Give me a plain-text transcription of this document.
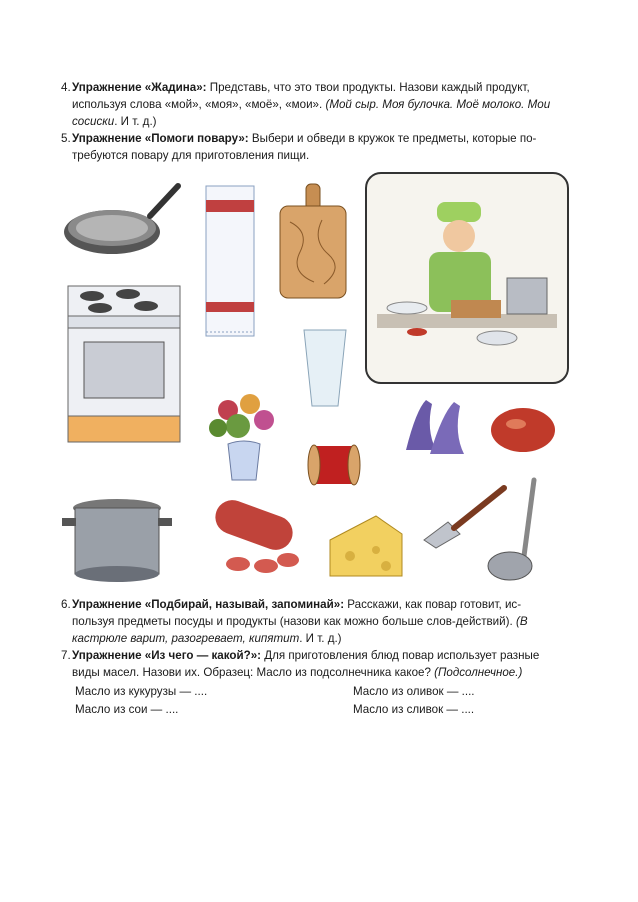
4. Упражнение «Жадина»: Представь, что это твои продукты. Назови каждый продукт, используя слова «мой», «моя», «моё», «мои». (Мой сыр. Моя булочка. Моё молоко. Мои сосиски. И т. д.)
5. Упражнение «Помоги повару»: Выбери и обведи в кружок те предметы, которые по-требуются повару для приготовления пищи.
6. Упражнение «Подбирай, называй, запоминай»: Расскажи, как повар готовит, ис-пользуя предметы посуды и продукты (назови как можно больше слов-действий). (В кастрюле варит, разогревает, кипятит. И т. д.)
7. Упражнение «Из чего — какой?»: Для приготовления блюд повар использует разные виды масел. Назови их. Образец: Масло из подсолнечника какое? (Подсолнечное.)
Масло из кукурузы — ....
Масло из сои — ....
Масло из оливок — ....
Масло из сливок — ....
